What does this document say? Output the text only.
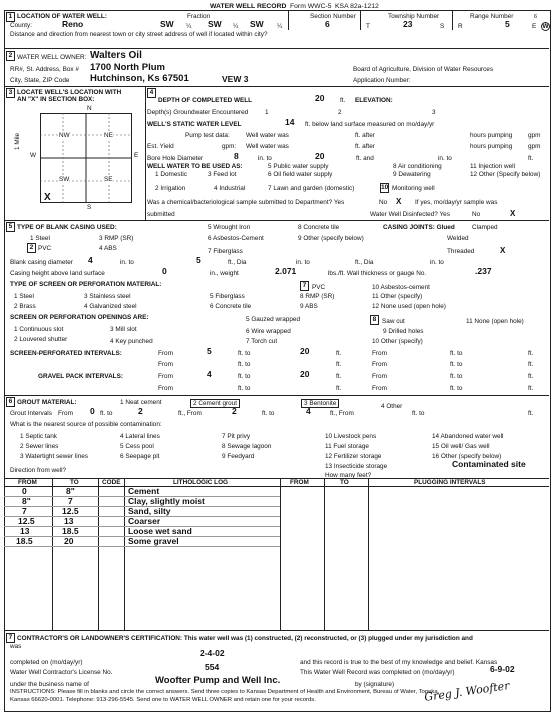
WATER WELL RECORD Form WWC-5 KSA 82a-1212
6
1 LOCATION OF WATER WELL:
County:	Reno
Fraction
SW ¼ SW ¼ SW ¼
Section Number
6
Township Number
T	23	S
Range Number
R	5	E W
Distance and direction from nearest town or city street address of well if located within city?
2 WATER WELL OWNER: Walters Oil
RR#, St. Address, Box # 1700 North Plum
City, State, ZIP Code Hutchinson, Ks 67501	VEW 3
Board of Agriculture, Division of Water Resources
Application Number:
3 LOCATE WELL'S LOCATION WITH
AN "X" IN SECTION BOX:
N
S
W	E
1 Mile	NW	NE
SW	SE
X
4
DEPTH OF COMPLETED WELL	20 ft. ELEVATION:
Depth(s) Groundwater Encountered	1	2	3
WELL'S STATIC WATER LEVEL	14 ft. below land surface measured on mo/day/yr
Pump test data:	Well water was	ft. after	hours pumping gpm
Est. Yield	gpm: Well water was	ft. after	hours pumping gpm
Bore Hole Diameter	8	in. to	20	ft. and	in. to	ft.
WELL WATER TO BE USED AS:
1 Domestic	3 Feed lot
5 Public water supply	8 Air conditioning	11 Injection well
6 Oil field water supply	9 Dewatering	12 Other (Specify below)
2 Irrigation	4 Industrial	7 Lawn and garden (domestic)	10 Monitoring well
Was a chemical/bacteriological sample submitted to Department? Yes	No X If yes, mo/day/yr sample was
submitted	Water Well Disinfected? Yes	No	X
5 TYPE OF BLANK CASING USED:	5 Wrought Iron	8 Concrete tile	CASING JOINTS: Glued	Clamped
1 Steel	3 RMP (SR)	6 Asbestos-Cement	9 Other (specify below)	Welded
2 PVC	4 ABS	7 Fiberglass	Threaded	X
Blank casing diameter 4	in. to	5	ft., Dia	in. to	ft., Dia	in. to
Casing height above land surface	0	in., weight	2.071	lbs./ft. Wall thickness or gauge No.	.237
TYPE OF SCREEN OR PERFORATION MATERIAL:	7 PVC	10 Asbestos-cement
1 Steel	3 Stainless steel	5 Fiberglass	8 RMP (SR)	11 Other (specify)
2 Brass	4 Galvanized steel	6 Concrete tile	9 ABS	12 None used (open hole)
SCREEN OR PERFORATION OPENINGS ARE:	5 Gauzed wrapped	8 Saw cut	11 None (open hole)
1 Continuous slot	3 Mill slot	6 Wire wrapped	9 Drilled holes
2 Louvered shutter	4 Key punched	7 Torch cut	10 Other (specify)
SCREEN-PERFORATED INTERVALS:	From	5	ft. to	20	ft.	From	ft. to	ft.
From	ft. to	ft.	From	ft. to	ft.
GRAVEL PACK INTERVALS:	From	4	ft. to	20	ft.	From	ft. to	ft.
From	ft. to	ft.	From	ft. to	ft.
6 GROUT MATERIAL:	1 Neat cement	2 Cement grout	3 Bentonite	4 Other
Grout Intervals From 0 ft. to	2	ft., From	2	ft. to	4	ft., From	ft. to	ft.
What is the nearest source of possible contamination:
1 Septic tank	4 Lateral lines	7 Pit privy	10 Livestock pens	14 Abandoned water well
2 Sewer lines	5 Cess pool	8 Sewage lagoon	11 Fuel storage	15 Oil well/ Gas well
3 Watertight sewer lines	6 Seepage pit	9 Feedyard	12 Fertilizer storage	16 Other (specify below)
13 Insecticide storage	Contaminated site
Direction from well?
How many feet?
FROM	TO	CODE	LITHOLOGIC LOG	FROM	TO	PLUGGING INTERVALS
0	8"	Cement
8"	7	Clay, slightly moist
7	12.5	Sand, silty
12.5	13	Coarser
13	18.5	Loose wet sand
18.5	20	Some gravel
7 CONTRACTOR'S OR LANDOWNER'S CERTIFICATION: This water well was (1) constructed, (2) reconstructed, or (3) plugged under my jurisdiction and
was
2-4-02
completed on (mo/day/yr)	and this record is true to the best of my knowledge and belief. Kansas
Water Well Contractor's License No.
554
This Water Well Record was completed on (mo/day/yr)	6-9-02
under the business name of	Woofter Pump and Well Inc.	by (signature)	Greg J. Woofter
INSTRUCTIONS: Please fill in blanks and circle the correct answers. Send three copies to Kansas Department of Health and Environment, Bureau of Water, Topeka,
Kansas 66620-0001. Telephone: 913-296-5545. Send one to WATER WELL OWNER and retain one for your records.
